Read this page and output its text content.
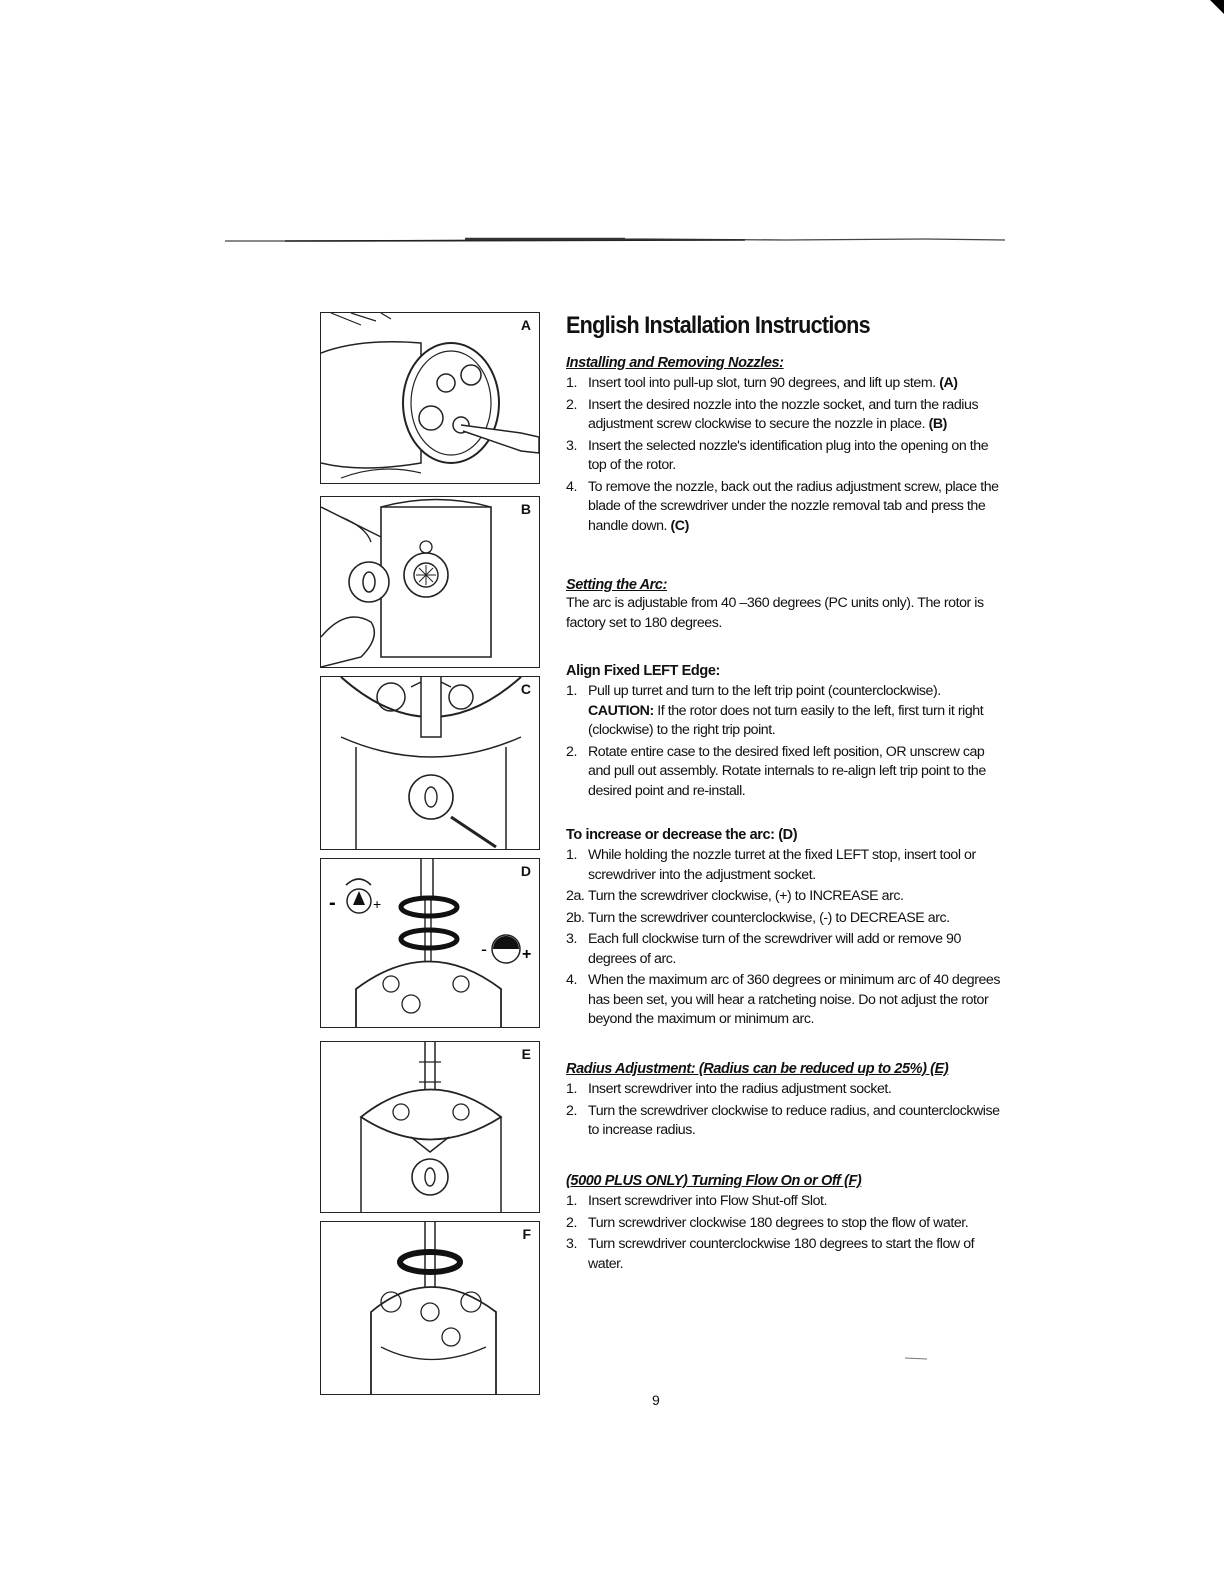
A
B
C
-	+
- +
D
E
F
English Installation Instructions
Installing and Removing Nozzles:
1. Insert tool into pull-up slot, turn 90 degrees, and lift up stem. (A)
2. Insert the desired nozzle into the nozzle socket, and turn the radius adjustment screw clockwise to secure the nozzle in place. (B)
3. Insert the selected nozzle's identification plug into the opening on the top of the rotor.
4. To remove the nozzle, back out the radius adjustment screw, place the blade of the screwdriver under the nozzle removal tab and press the handle down. (C)
Setting the Arc:
The arc is adjustable from 40 –360 degrees (PC units only). The rotor is factory set to 180 degrees.
Align Fixed LEFT Edge:
1. Pull up turret and turn to the left trip point (counterclockwise).
CAUTION: If the rotor does not turn easily to the left, first turn it right (clockwise) to the right trip point.
2. Rotate entire case to the desired fixed left position, OR unscrew cap and pull out assembly. Rotate internals to re-align left trip point to the desired point and re-install.
To increase or decrease the arc: (D)
1. While holding the nozzle turret at the fixed LEFT stop, insert tool or screwdriver into the adjustment socket.
2a. Turn the screwdriver clockwise, (+) to INCREASE arc.
2b. Turn the screwdriver counterclockwise, (-) to DECREASE arc.
3. Each full clockwise turn of the screwdriver will add or remove 90 degrees of arc.
4. When the maximum arc of 360 degrees or minimum arc of 40 degrees has been set, you will hear a ratcheting noise. Do not adjust the rotor beyond the maximum or minimum arc.
Radius Adjustment: (Radius can be reduced up to 25%) (E)
1. Insert screwdriver into the radius adjustment socket.
2. Turn the screwdriver clockwise to reduce radius, and counterclockwise to increase radius.
(5000 PLUS ONLY) Turning Flow On or Off (F)
1. Insert screwdriver into Flow Shut-off Slot.
2. Turn screwdriver clockwise 180 degrees to stop the flow of water.
3. Turn screwdriver counterclockwise 180 degrees to start the flow of water.
9
